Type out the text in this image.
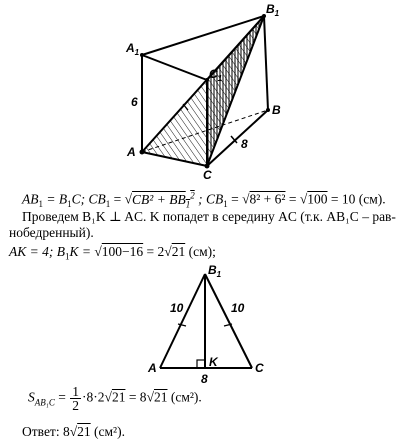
$A_1$
$B_1$
$C_1$
A
B
C
6
8
$AB_1 = B_1C$; $CB_1 = √CB^2 + BB_1^2$ ; $CB_1 = √8^2 + 6^2 = √100 = 10$ (см).
Проведем B₁K ⊥ AC. K попадет в середину AC (т.к. AB₁C – рав-
нобедренный).
AK = 4; $B_1K = √100-16 = 2√21$ (см);
$B_1$
A	C
K
10	10
8
$S_{AB_1C} = \frac{1}{2} \cdot 8\cdot 2√21 = 8√21$ (см²).
Ответ: 8√21 (см²).
